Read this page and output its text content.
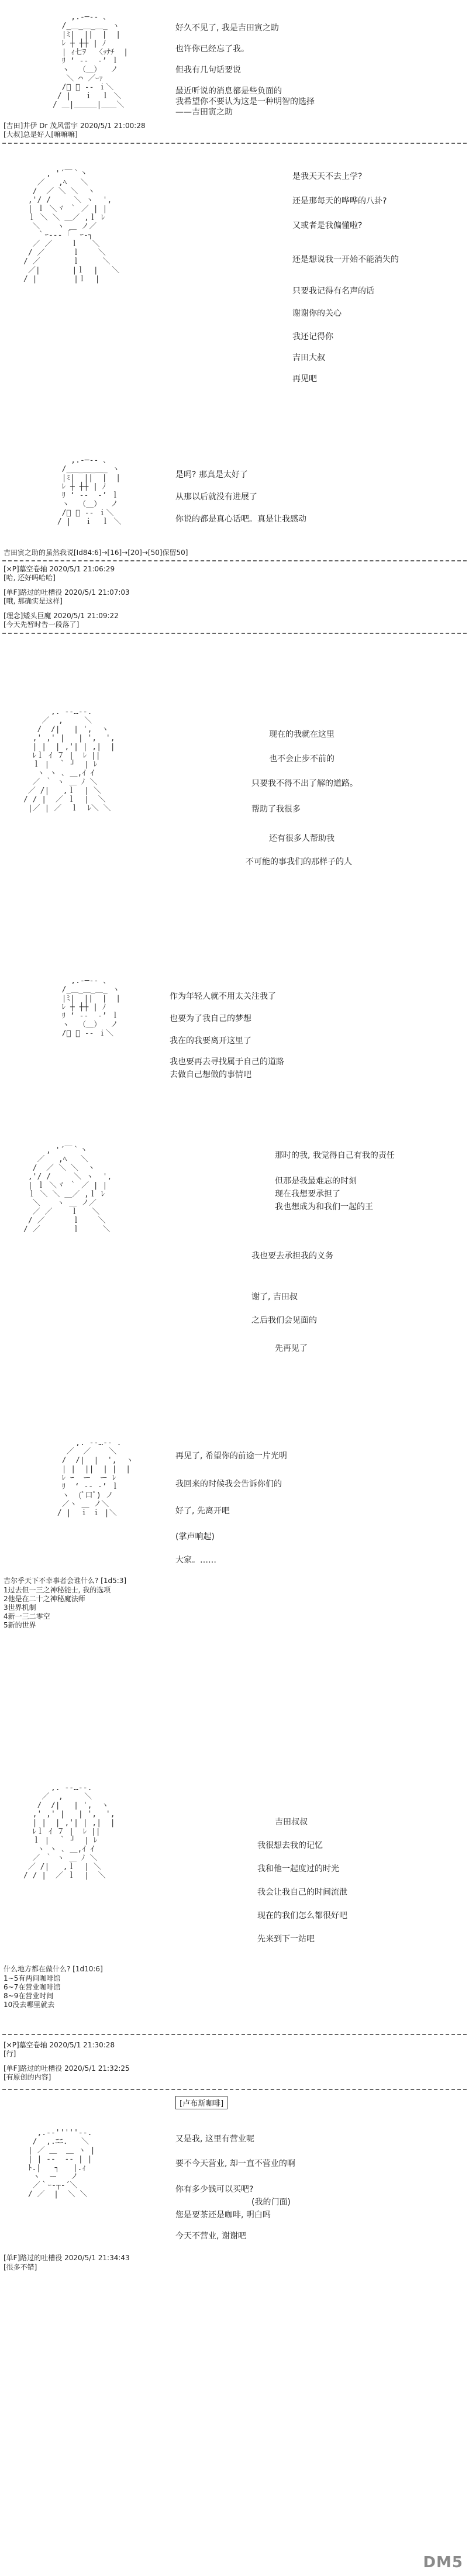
,.-─‐- 、
/_＿_＿_＿_ ヽ
|ﾐ|  ||  |  |
ﾚ ┼ ┼┼ | ﾉ
| ｨ七ｦ  〈ｯﾅﾁ  |
ﾘ ‘ ‐-  ‐’ ｌ
ヽ  （＿）  ノ
＼ ⌒ ／ｰｧ
/ﾞ ｰ -‐ ｉ＼
/ |   ｉ  ｌ ＼
/ ＿|＿＿＿|＿＿＼
好久不见了, 我是吉田寅之助
也许你已经忘了我。
但我有几句话要说
最近听说的消息都是些负面的
我希望你不要认为这是一种明智的选择
——吉田寅之助
[吉田]井伊 Dr 茂风雷宇 2020/5/1 21:00:28
[大叔]总是好人[嘛嘛嘛]
, '´￣｀丶
／   ,ﾍ   ＼
/  ／ ＼ ＼  ヽ
,'/ /     ＼ ヽ  ',
| ｌ ＼ヾ ｀ ／ | |
ｌ ＼ ＼ ＿／ ,ｌ ﾚ
＼ 　 ヽ ＿ ノ／
｀ｰ--‐ ｢  ｰ‐┐
／ ／    ｌ   ＼
/ ／      ｌ    ＼
/ ／       ｌ     ＼
／|       |ｌ  |   ＼
/ |        |ｌ  |
是我天天不去上学?
还是那每天的哗哗的八卦?
又或者是我偏懂啦?
还是想说我一开始不能消失的
只要我记得有名声的话
谢谢你的关心
我还记得你
吉田大叔
再见吧
,.-─‐- 、
/_＿_＿_＿_ ヽ
|ﾐ|  ||  |  |
ﾚ ┼ ┼┼ | ﾉ
ﾘ ‘ ‐-  ‐’ ｌ
ヽ  （＿）  ノ
/ﾞ ｰ -‐ ｉ＼
/ |   ｉ  ｌ ＼
是吗? 那真是太好了
从那以后就没有进展了
你说的都是真心话吧。真是让我感动
吉田寅之助的虽然我说[Id84:6]→[16]→[20]→[50]保留50]
[×P]墓空卷轴 2020/5/1 21:06:29
[哈, 还好吗哈哈]
[单F]路过的吐槽役 2020/5/1 21:07:03
[哦, 那确实是这样]
[理念]矮头巨魔 2020/5/1 21:09:22
[今天先暂时告一段落了]
,. -‐…‐-.
／  ,  　 ＼
/  /|   | ',  ヽ
,' ,' |   | ',  ',
| |  | ,'| | ,|  |
ﾚｌ ｲ ７ |  ﾚ ||
ｌ |  ｀ ┘  | ﾚ
ヽ ヽ ､ ＿,ｲ ｲ
／ ｀ ヽ ＿ ﾉ ＼
／ /|   ,ｌ  | ＼
/ / |  ／ ｌ  |  ＼
|／ | ／  ｌ  ﾚ＼ ＼
现在的我就在这里
也不会止步不前的
只要我不得不出了解的道路。
帮助了我很多
还有很多人帮助我
不可能的事我们的那样子的人
,.-─‐- 、
/_＿_＿_＿_ ヽ
|ﾐ|  ||  |  |
ﾚ ┼ ┼┼ | ﾉ
ﾘ ‘ ‐-  ‐’ ｌ
ヽ  （＿）  ノ
/ﾞ ｰ -‐ ｉ＼
作为年轻人就不用太关注我了
也要为了我自己的梦想
我在的我要离开这里了
我也要再去寻找属于自己的道路
去做自己想做的事情吧
, '´￣｀丶
／   ,ﾍ   ＼
/  ／ ＼ ＼  ヽ
,'/ /     ＼ ヽ  ',
| ｌ ＼ヾ ｀ ／ | |
ｌ ＼ ＼ ＿／ ,ｌ ﾚ
＼ 　 ヽ ＿ ノ／
／ ／    ｌ   ＼
/ ／      ｌ    ＼
/ ／       ｌ     ＼
那时的我, 我觉得自己有我的责任
但那是我最难忘的时刻
现在我想要承担了
我也想成为和我们一起的王
我也要去承担我的义务
谢了, 吉田叔
之后我们会见面的
先再见了
,. -‐…‐- .
／  ／    ＼
/  /|  |  ',  ヽ
| |  ||  | |  |
ﾚ ｰ  ー  ー ﾚ
ﾘ  ‘ ‐- ‐’ ｌ
ヽ  (ﾟ口ﾟ) ノ
／ヽ ＿ ノ＼
/ |  ｉ ｉ |＼
再见了, 希望你的前途一片光明
我回来的时候我会告诉你们的
好了, 先离开吧
(掌声响起)
大家。……
吉尔乎天下不幸事者会谁什么? [1d5:3]
1过去但一三之神秘能士, 我的选项
2他是在二十之神秘魔法师
3世界机制
4新一三二零空
5新的世界
,. -‐…‐-.
／  ,  　 ＼
/  /|   | ',  ヽ
,' ,' |   | ',  ',
| |  | ,'| | ,|  |
ﾚｌ ｲ ７ |  ﾚ ||
ｌ |  ｀ ┘  | ﾚ
ヽ ヽ ､ ＿,ｲ ｲ
／ ｀ ヽ ＿ ﾉ ＼
／ /|   ,ｌ  | ＼
/ / |  ／ ｌ  |  ＼
吉田叔叔
我很想去我的记忆
我和他一起度过的时光
我会让我自己的时间流泄
现在的我们怎么都很好吧
先来到下一站吧
什么地方都在做什么? [1d10:6]
1~5有两间咖啡馆
6~7在营业咖啡馆
8~9在营业时间
10没去哪里就去
[×P]墓空卷轴 2020/5/1 21:30:28
[行]
[单F]路过的吐槽役 2020/5/1 21:32:25
[有原创的内容]
[卢布斯咖啡]
,.-‐'''''‐-.
/  ,.ﾆﾆ.   ＼
| ／ ＿  ＿ ヽ |
| | ‐-  -‐ | |
ﾄ.|   ┐   |.ｨ
ヽ  ー   ノ
／｀ｰ‐┬‐´＼
/ ／  |  ＼ ＼
又是我, 这里有营业呢
要不今天营业, 却一直不营业的啊
你有多少钱可以买吧?
(我的门面)
您是要茶还是咖啡, 明白吗
今天不营业, 谢谢吧
[单F]路过的吐槽役 2020/5/1 21:34:43
[很多不错]
DM5
